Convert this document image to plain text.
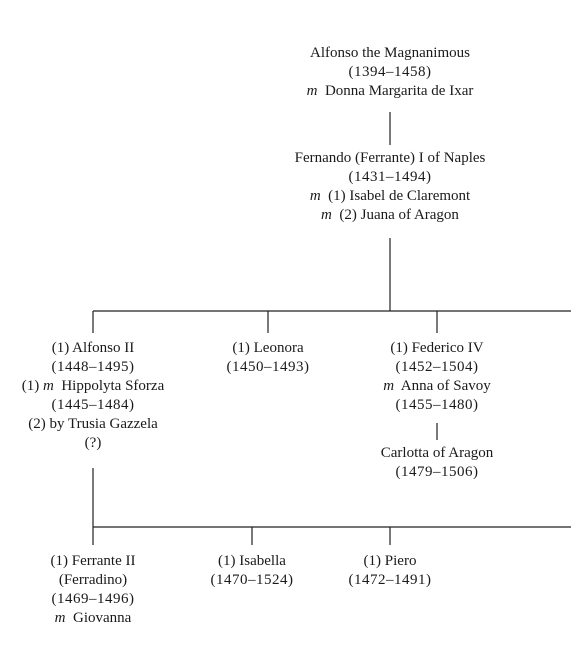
Alfonso the Magnanimous
(1394–1458)
m Donna Margarita de Ixar
Fernando (Ferrante) I of Naples
(1431–1494)
m (1) Isabel de Claremont
m (2) Juana of Aragon
(1) Alfonso II
(1448–1495)
(1) m Hippolyta Sforza
(1445–1484)
(2) by Trusia Gazzela
(?)
(1) Leonora
(1450–1493)
(1) Federico IV
(1452–1504)
m Anna of Savoy
(1455–1480)
Carlotta of Aragon
(1479–1506)
(1) Ferrante II
(Ferradino)
(1469–1496)
m Giovanna
(1) Isabella
(1470–1524)
(1) Piero
(1472–1491)
